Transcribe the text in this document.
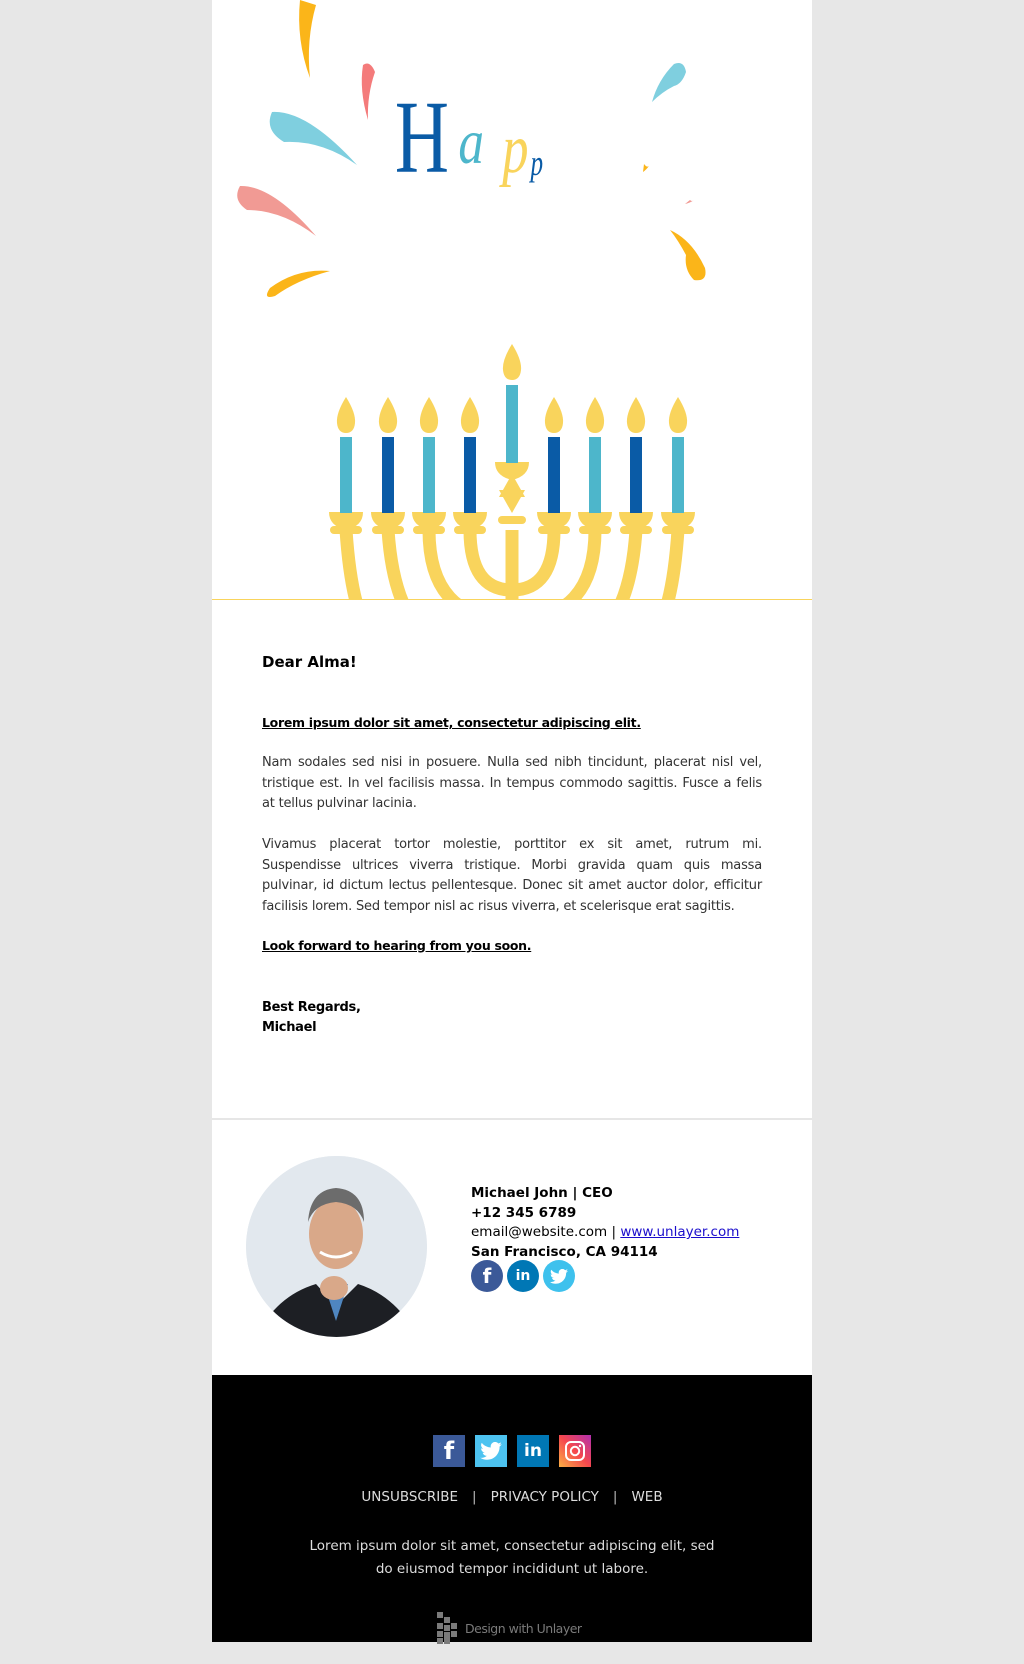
H a p p
Dear Alma!
Lorem ipsum dolor sit amet, consectetur adipiscing elit.
Nam sodales sed nisi in posuere. Nulla sed nibh tincidunt, placerat nisl vel, tristique est. In vel facilisis massa. In tempus commodo sagittis. Fusce a felis at tellus pulvinar lacinia.
Vivamus placerat tortor molestie, porttitor ex sit amet, rutrum mi. Suspendisse ultrices viverra tristique. Morbi gravida quam quis massa pulvinar, id dictum lectus pellentesque. Donec sit amet auctor dolor, efficitur facilisis lorem. Sed tempor nisl ac risus viverra, et scelerisque erat sagittis.
Look forward to hearing from you soon.
Best Regards,
Michael
Michael John | CEO
+12 345 6789
email@website.com | www.unlayer.com
San Francisco, CA 94114
f	in
f	in
UNSUBSCRIBE | PRIVACY POLICY | WEB
Lorem ipsum dolor sit amet, consectetur adipiscing elit, sed
do eiusmod tempor incididunt ut labore.
Design with Unlayer
